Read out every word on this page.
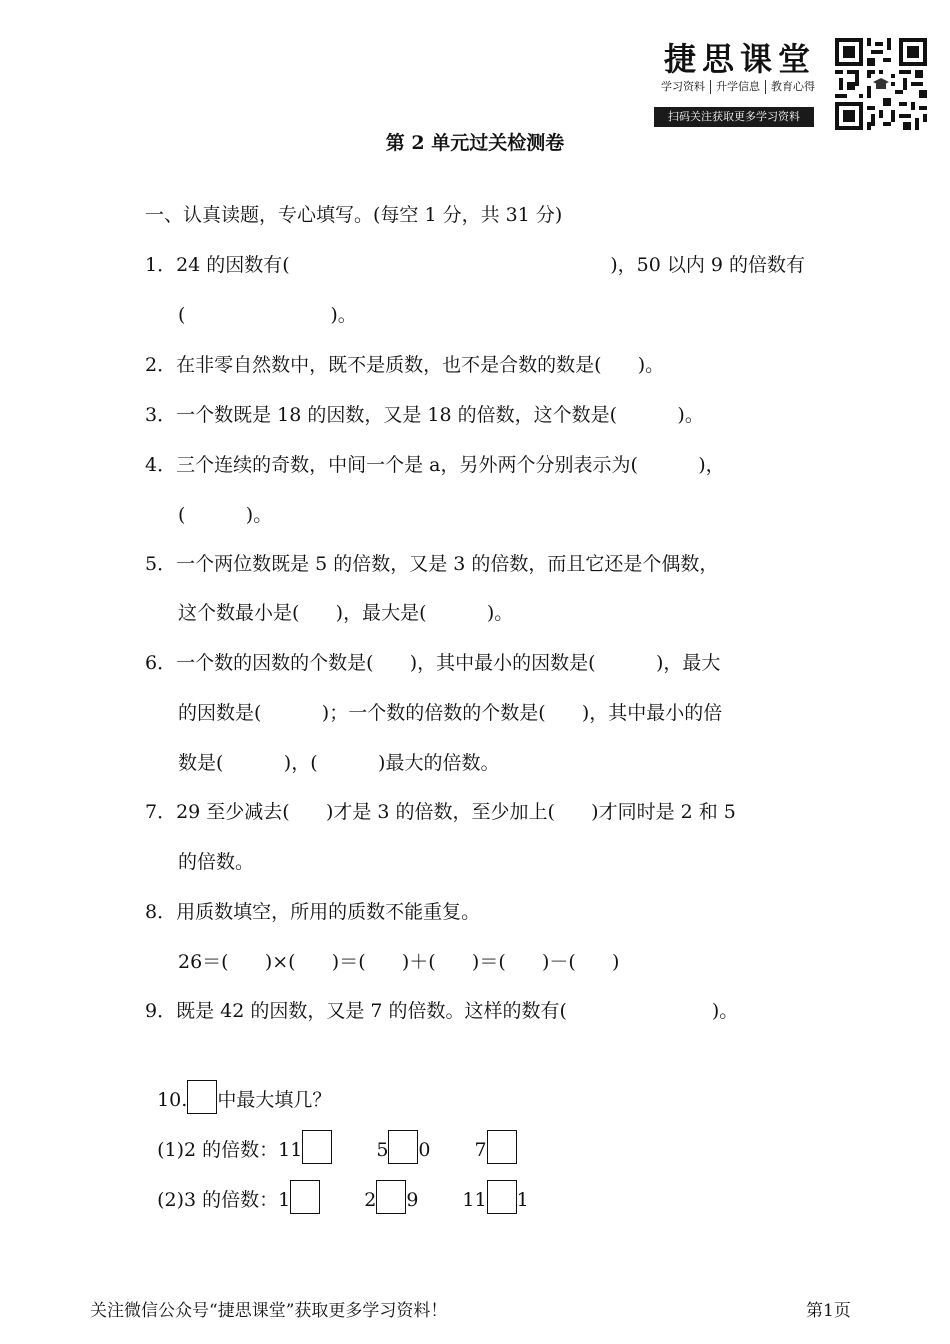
捷思课堂
学习资料	升学信息	教育心得
扫码关注获取更多学习资料
第 2 单元过关检测卷
一、认真读题，专心填写。(每空 1 分，共 31 分)
1．24 的因数有(	)，50 以内 9 的倍数有
(                        )。
2．在非零自然数中，既不是质数，也不是合数的数是(      )。
3．一个数既是 18 的因数，又是 18 的倍数，这个数是(          )。
4．三个连续的奇数，中间一个是 a，另外两个分别表示为(          )，
(          )。
5．一个两位数既是 5 的倍数，又是 3 的倍数，而且它还是个偶数，
这个数最小是(      )，最大是(          )。
6．一个数的因数的个数是(      )，其中最小的因数是(          )，最大
的因数是(          )；一个数的倍数的个数是(      )，其中最小的倍
数是(          )，(          )最大的倍数。
7．29 至少减去(      )才是 3 的倍数，至少加上(      )才同时是 2 和 5
的倍数。
8．用质数填空，所用的质数不能重复。
26＝(      )×(      )＝(      )＋(      )＝(      )－(      )
9．既是 42 的因数，又是 7 的倍数。这样的数有(                        )。

10. 中最大填几？

(1)2 的倍数：11	5 0 7

(2)3 的倍数：1	2 9 11 1

关注微信公众号“捷思课堂”获取更多学习资料！	第1页
